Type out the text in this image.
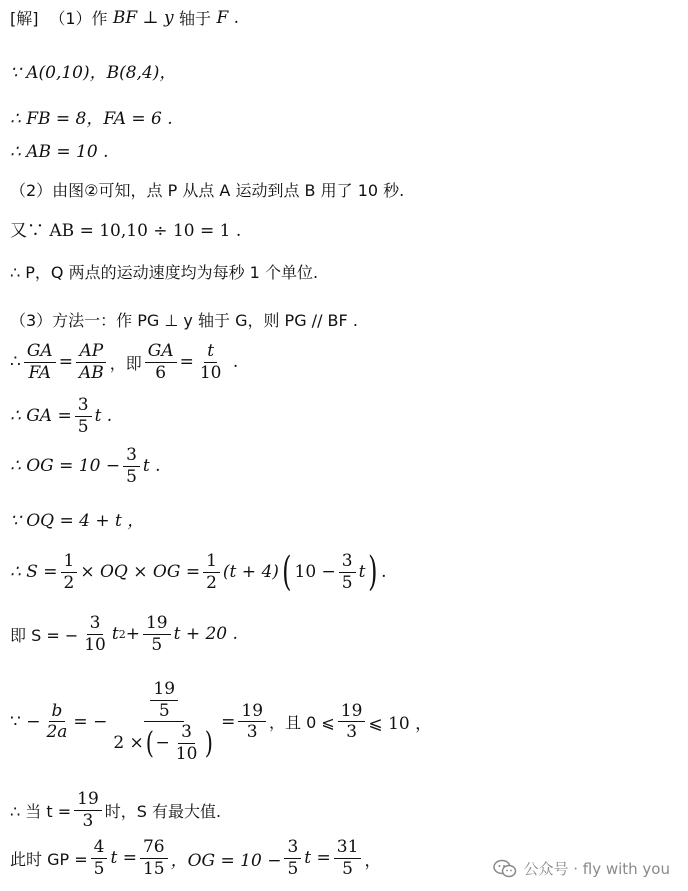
[解]
（1）作
BF
⊥
y
轴于
F
.
∵ A(0,10)，B(8,4)，
∴ FB = 8，FA = 6 .
∴ AB = 10 .
（2）由图②可知，点 P 从点 A 运动到点 B 用了 10 秒.
又∵ AB = 10,10 ÷ 10 = 1 .
∴ P，Q 两点的运动速度均为每秒 1 个单位.
（3）方法一：作 PG ⊥ y 轴于 G，则 PG // BF .
∴ $\frac{GA}{FA} = \frac{AP}{AB}$ ，即 $\frac{GA}{6} = \frac{t}{10}$ .
∴ GA = $\frac{3}{5}$ t .
∴ OG = $10 - \frac{3}{5}$ t .
∵ OQ = 4 + t ，
∴ $S = \frac{1}{2}$ × OQ × OG = $\frac{1}{2} (t + 4)$ ( $10 - \frac{3}{5}$ t ) .
即 S = − $\frac{3}{10}$ t $2 + \frac{19}{5}$ t + 20 .
∵ − $\frac{b}{2a}$ = − $\frac{\frac{19}{5}}{2 \times ( - \frac{3}{10} )} = \frac{19}{3}$ ，且 0 ⩽ $\frac{19}{3}$ ⩽ 10 ，
∴ 当 $t = \frac{19}{3}$ 时，S 有最大值.
此时 GP = $\frac{4}{5}$ $t = \frac{76}{15}$ ，OG = $10 - \frac{3}{5}$ $t = \frac{31}{5}$ ，	公众号 · fly with you
